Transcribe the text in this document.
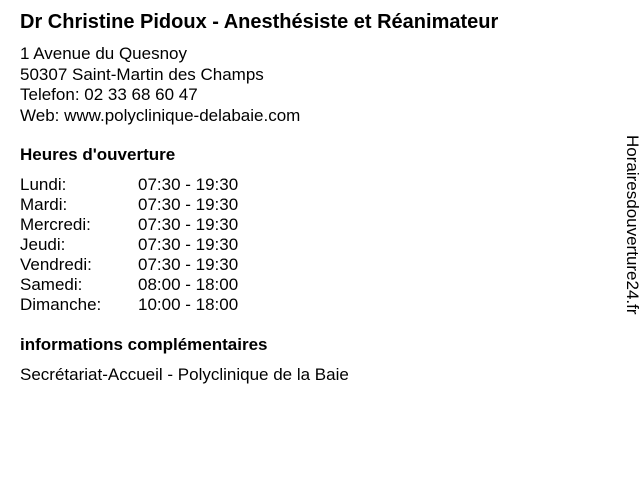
Dr Christine Pidoux - Anesthésiste et Réanimateur
1 Avenue du Quesnoy
50307 Saint-Martin des Champs
Telefon: 02 33 68 60 47
Web: www.polyclinique-delabaie.com
Heures d'ouverture
Lundi:	07:30 - 19:30
Mardi:	07:30 - 19:30
Mercredi:	07:30 - 19:30
Jeudi:	07:30 - 19:30
Vendredi:	07:30 - 19:30
Samedi:	08:00 - 18:00
Dimanche:	10:00 - 18:00
informations complémentaires
Secrétariat-Accueil - Polyclinique de la Baie
Horairesdouverture24.fr
